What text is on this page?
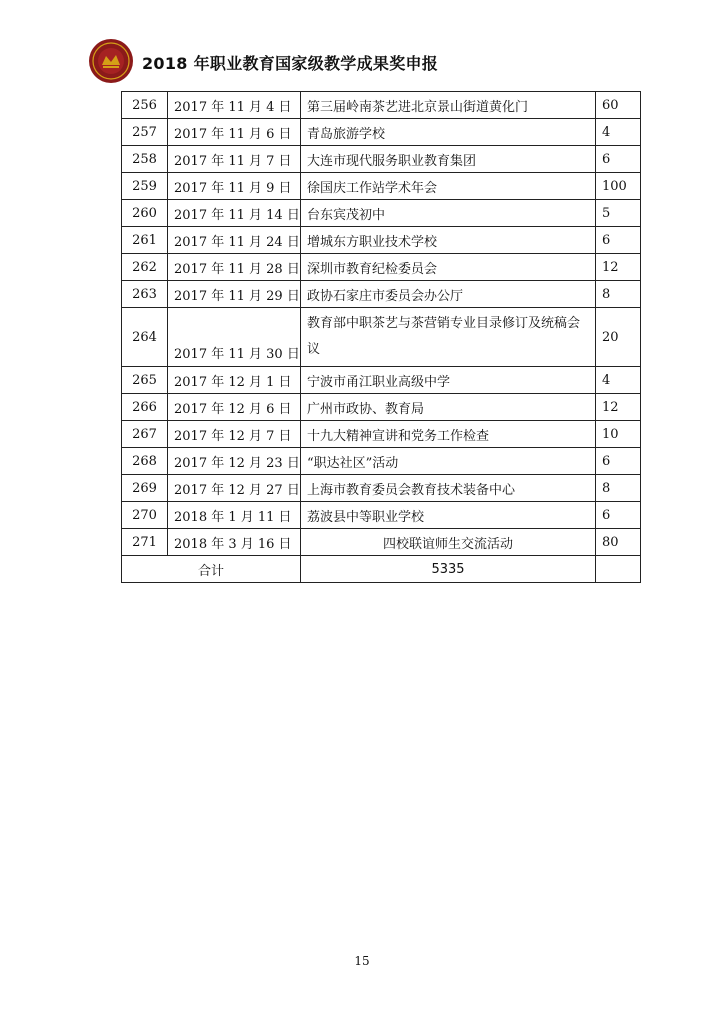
2018 年职业教育国家级教学成果奖申报
256	2017 年 11 月 4 日	第三届岭南茶艺进北京景山街道黄化门	60
257	2017 年 11 月 6 日	青岛旅游学校	4
258	2017 年 11 月 7 日	大连市现代服务职业教育集团	6
259	2017 年 11 月 9 日	徐国庆工作站学术年会	100
260	2017 年 11 月 14 日	台东宾茂初中	5
261	2017 年 11 月 24 日	增城东方职业技术学校	6
262	2017 年 11 月 28 日	深圳市教育纪检委员会	12
263	2017 年 11 月 29 日	政协石家庄市委员会办公厅	8
264	2017 年 11 月 30 日	教育部中职茶艺与茶营销专业目录修订及统稿会议	20
265	2017 年 12 月 1 日	宁波市甬江职业高级中学	4
266	2017 年 12 月 6 日	广州市政协、教育局	12
267	2017 年 12 月 7 日	十九大精神宣讲和党务工作检查	10
268	2017 年 12 月 23 日	“职达社区”活动	6
269	2017 年 12 月 27 日	上海市教育委员会教育技术装备中心	8
270	2018 年 1 月 11 日	荔波县中等职业学校	6
271	2018 年 3 月 16 日	四校联谊师生交流活动	80
合计		5335	
15
